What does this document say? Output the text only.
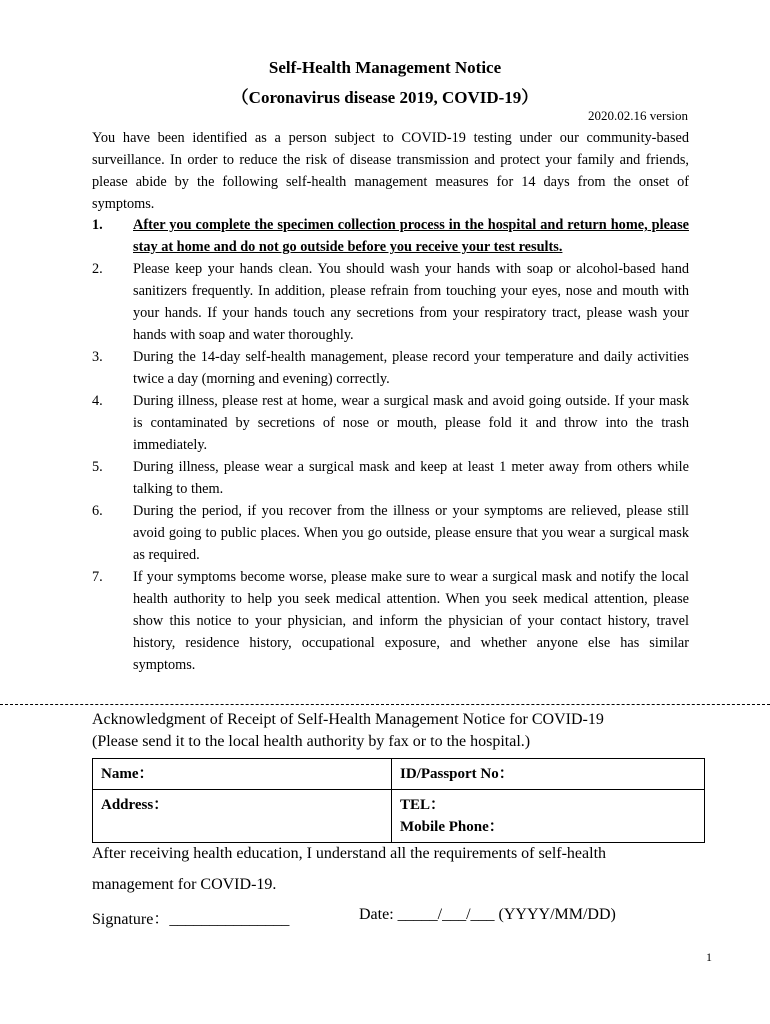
Self-Health Management Notice
（Coronavirus disease 2019, COVID-19）
2020.02.16 version
You have been identified as a person subject to COVID-19 testing under our community-based surveillance. In order to reduce the risk of disease transmission and protect your family and friends, please abide by the following self-health management measures for 14 days from the onset of symptoms.
1. After you complete the specimen collection process in the hospital and return home, please stay at home and do not go outside before you receive your test results.
2. Please keep your hands clean. You should wash your hands with soap or alcohol-based hand sanitizers frequently. In addition, please refrain from touching your eyes, nose and mouth with your hands. If your hands touch any secretions from your respiratory tract, please wash your hands with soap and water thoroughly.
3. During the 14-day self-health management, please record your temperature and daily activities twice a day (morning and evening) correctly.
4. During illness, please rest at home, wear a surgical mask and avoid going outside. If your mask is contaminated by secretions of nose or mouth, please fold it and throw into the trash immediately.
5. During illness, please wear a surgical mask and keep at least 1 meter away from others while talking to them.
6. During the period, if you recover from the illness or your symptoms are relieved, please still avoid going to public places. When you go outside, please ensure that you wear a surgical mask as required.
7. If your symptoms become worse, please make sure to wear a surgical mask and notify the local health authority to help you seek medical attention. When you seek medical attention, please show this notice to your physician, and inform the physician of your contact history, travel history, residence history, occupational exposure, and whether anyone else has similar symptoms.
Acknowledgment of Receipt of Self-Health Management Notice for COVID-19
(Please send it to the local health authority by fax or to the hospital.)
Name：	ID/Passport No：

Address：	TEL：
Mobile Phone：
After receiving health education, I understand all the requirements of self-health
management for COVID-19.
Signature：_______________	Date: _____/___/___ (YYYY/MM/DD)
1
